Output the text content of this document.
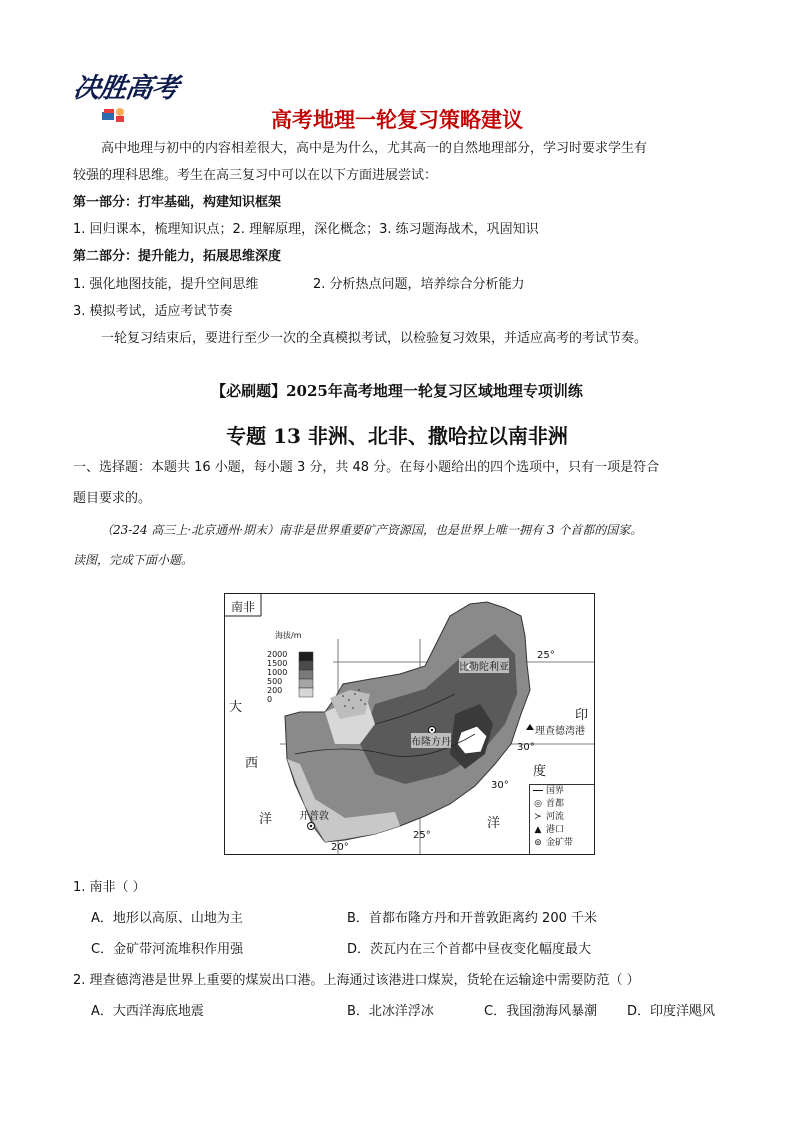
决胜高考
高考地理一轮复习策略建议
高中地理与初中的内容相差很大，高中是为什么，尤其高一的自然地理部分，学习时要求学生有
较强的理科思维。考生在高三复习中可以在以下方面进展尝试：
第一部分：打牢基础，构建知识框架
1. 回归课本，梳理知识点；2. 理解原理，深化概念；3. 练习题海战术，巩固知识
第二部分：提升能力，拓展思维深度
1. 强化地图技能，提升空间思维	2. 分析热点问题，培养综合分析能力
3. 模拟考试，适应考试节奏
一轮复习结束后，要进行至少一次的全真模拟考试，以检验复习效果，并适应高考的考试节奏。
【必刷题】2025年高考地理一轮复习区域地理专项训练
专题 13 非洲、北非、撒哈拉以南非洲
一、选择题：本题共 16 小题，每小题 3 分，共 48 分。在每小题给出的四个选项中，只有一项是符合
题目要求的。
（23-24 高三上·北京通州·期末）南非是世界重要矿产资源国，也是世界上唯一拥有 3 个首都的国家。
读图，完成下面小题。
南非
海拔/m
2000
1500
1000
500
200
0
大
西
洋
印
度
洋
比勒陀利亚
布隆方丹
开普敦
理查德湾港
25°
30°
30°
20°
25°
国界
◎ 首都
≻ 河流
▲ 港口
⊚ 金矿带
1. 南非（ ）
A．地形以高原、山地为主	B．首都布隆方丹和开普敦距离约 200 千米
C．金矿带河流堆积作用强	D．茨瓦内在三个首都中昼夜变化幅度最大
2. 理查德湾港是世界上重要的煤炭出口港。上海通过该港进口煤炭，货轮在运输途中需要防范（ ）
A．大西洋海底地震	B．北冰洋浮冰	C．我国渤海风暴潮 D．印度洋飓风
